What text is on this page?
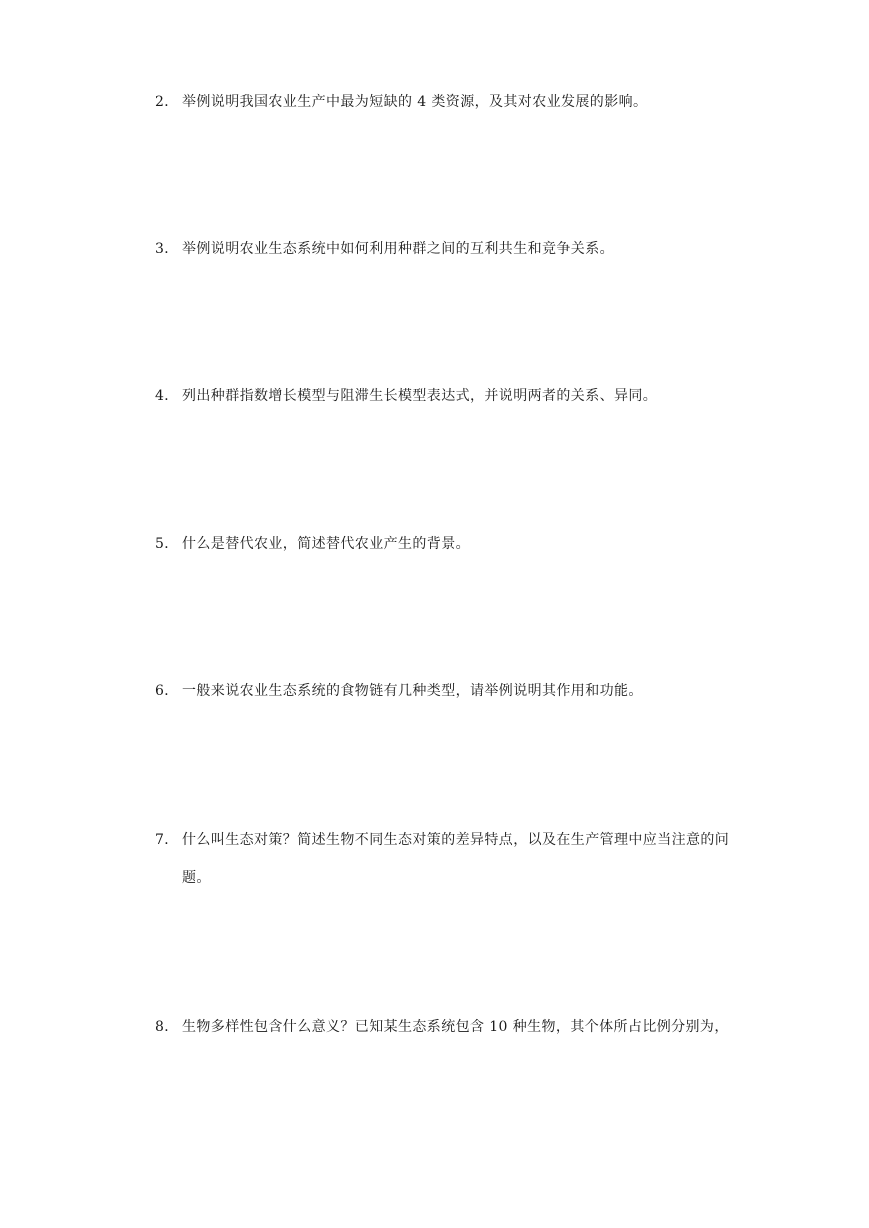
2． 举例说明我国农业生产中最为短缺的 4 类资源，及其对农业发展的影响。
3． 举例说明农业生态系统中如何利用种群之间的互利共生和竞争关系。
4． 列出种群指数增长模型与阻滞生长模型表达式，并说明两者的关系、异同。
5． 什么是替代农业，简述替代农业产生的背景。
6． 一般来说农业生态系统的食物链有几种类型，请举例说明其作用和功能。
7． 什么叫生态对策？简述生物不同生态对策的差异特点，以及在生产管理中应当注意的问题。
8． 生物多样性包含什么意义？已知某生态系统包含 10 种生物，其个体所占比例分别为，
